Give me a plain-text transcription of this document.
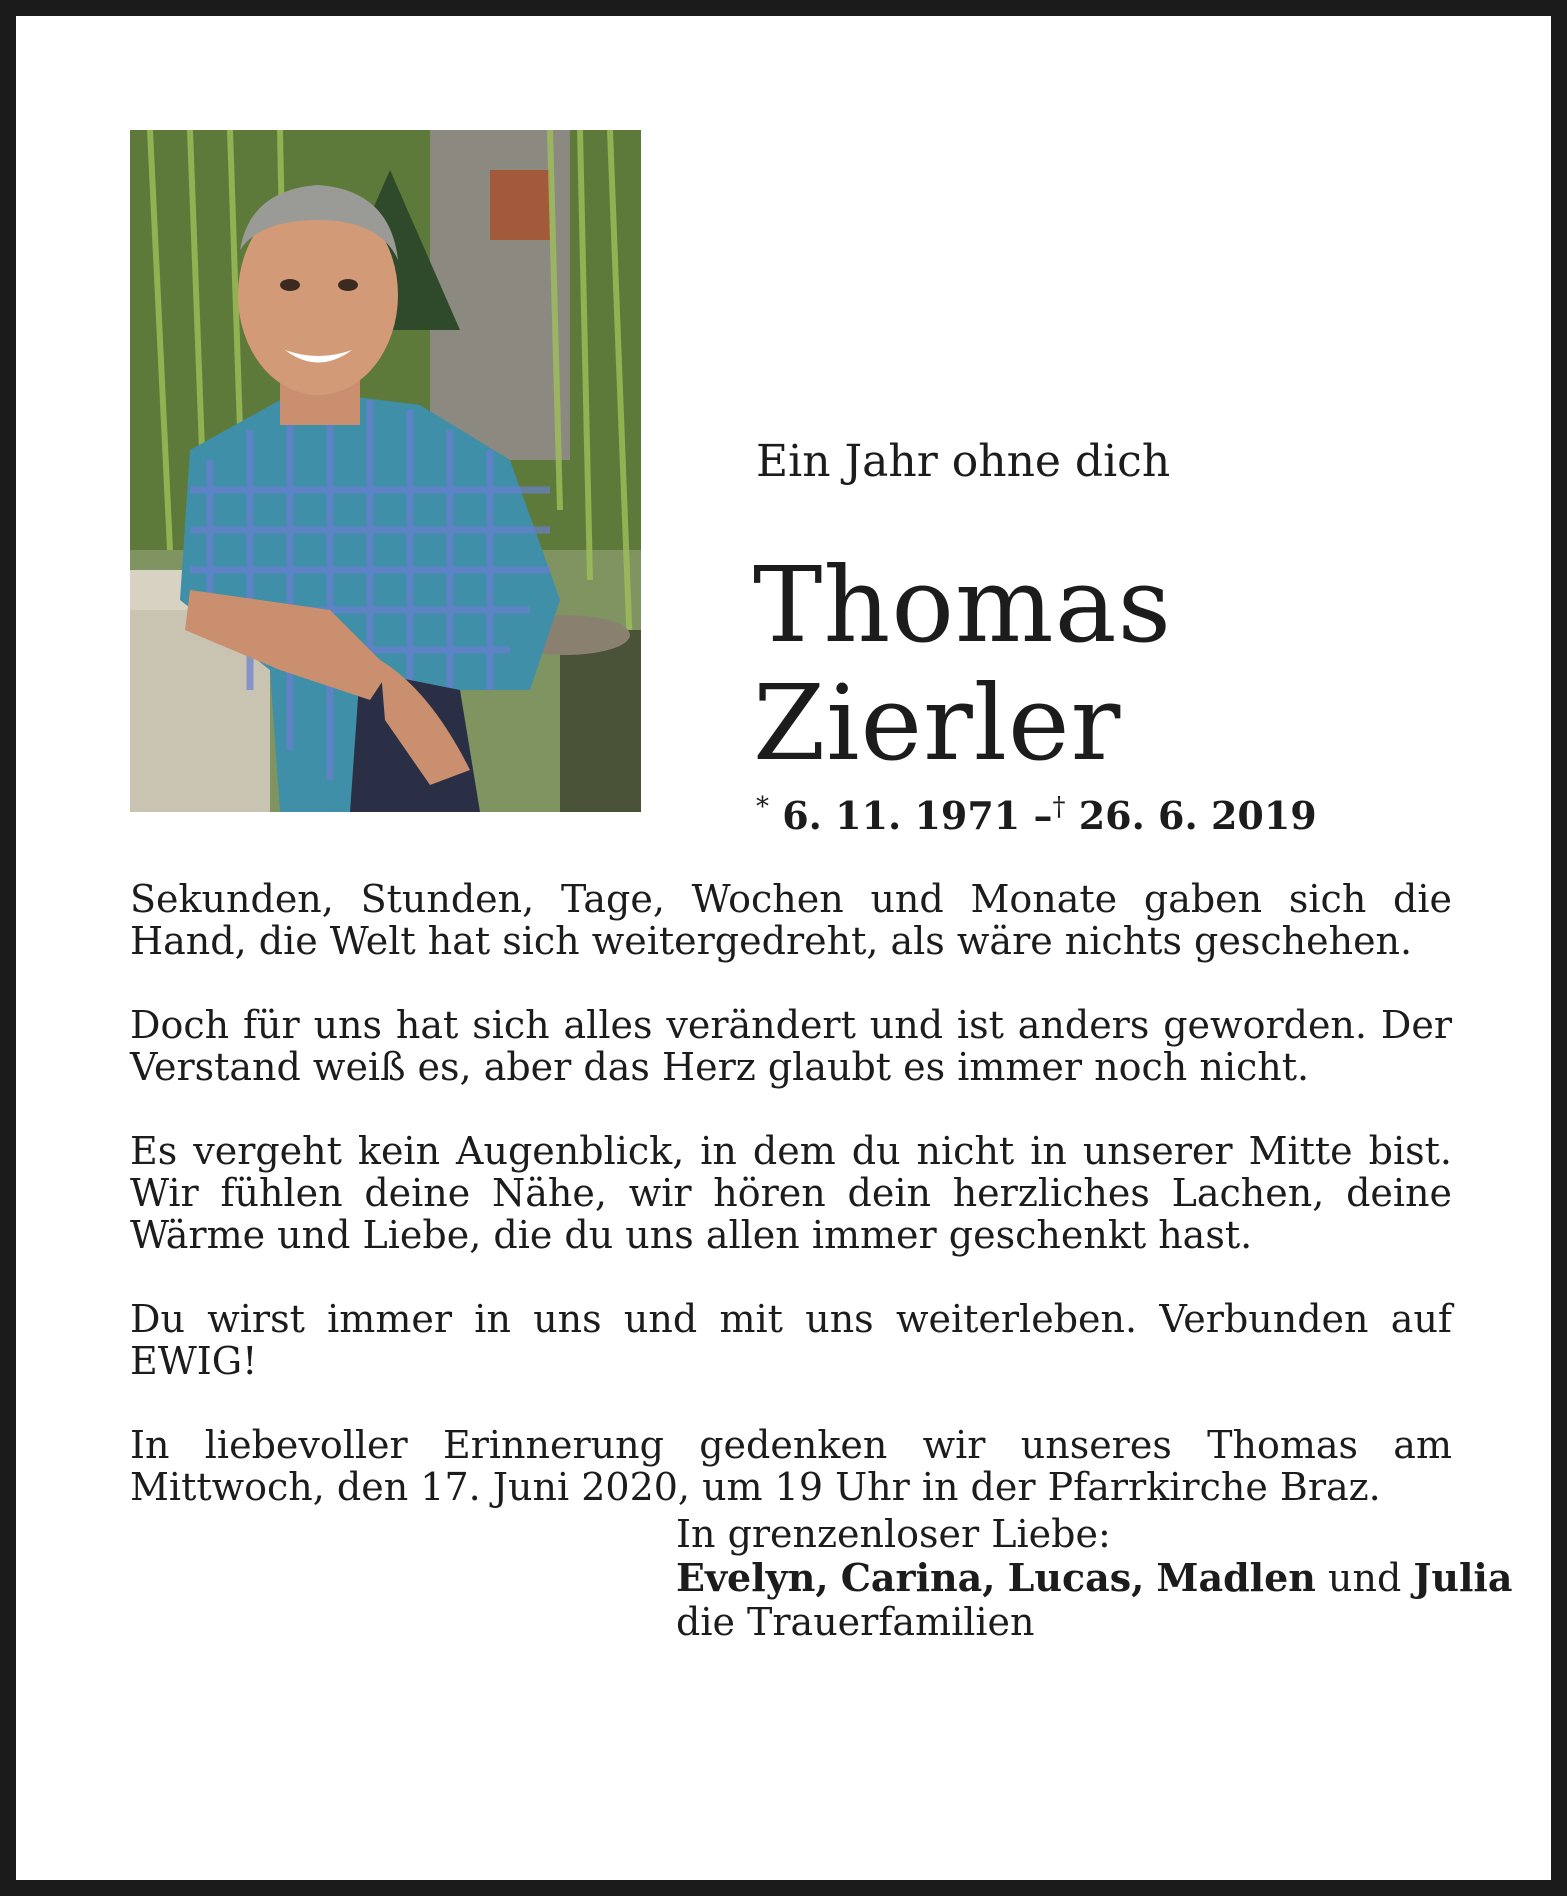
Ein Jahr ohne dich
Thomas
Zierler
* 6. 11. 1971 –† 26. 6. 2019

Sekunden, Stunden, Tage, Wochen und Monate gaben sich die Hand, die Welt hat sich weitergedreht, als wäre nichts geschehen.

Doch für uns hat sich alles verändert und ist anders geworden. Der Verstand weiß es, aber das Herz glaubt es immer noch nicht.

Es vergeht kein Augenblick, in dem du nicht in unserer Mitte bist. Wir fühlen deine Nähe, wir hören dein herzliches Lachen, deine Wärme und Liebe, die du uns allen immer geschenkt hast.

Du wirst immer in uns und mit uns weiterleben. Verbunden auf EWIG!

In liebevoller Erinnerung gedenken wir unseres Thomas am Mittwoch, den 17. Juni 2020, um 19 Uhr in der Pfarrkirche Braz.

In grenzenloser Liebe:
Evelyn, Carina, Lucas, Madlen und Julia
die Trauerfamilien
